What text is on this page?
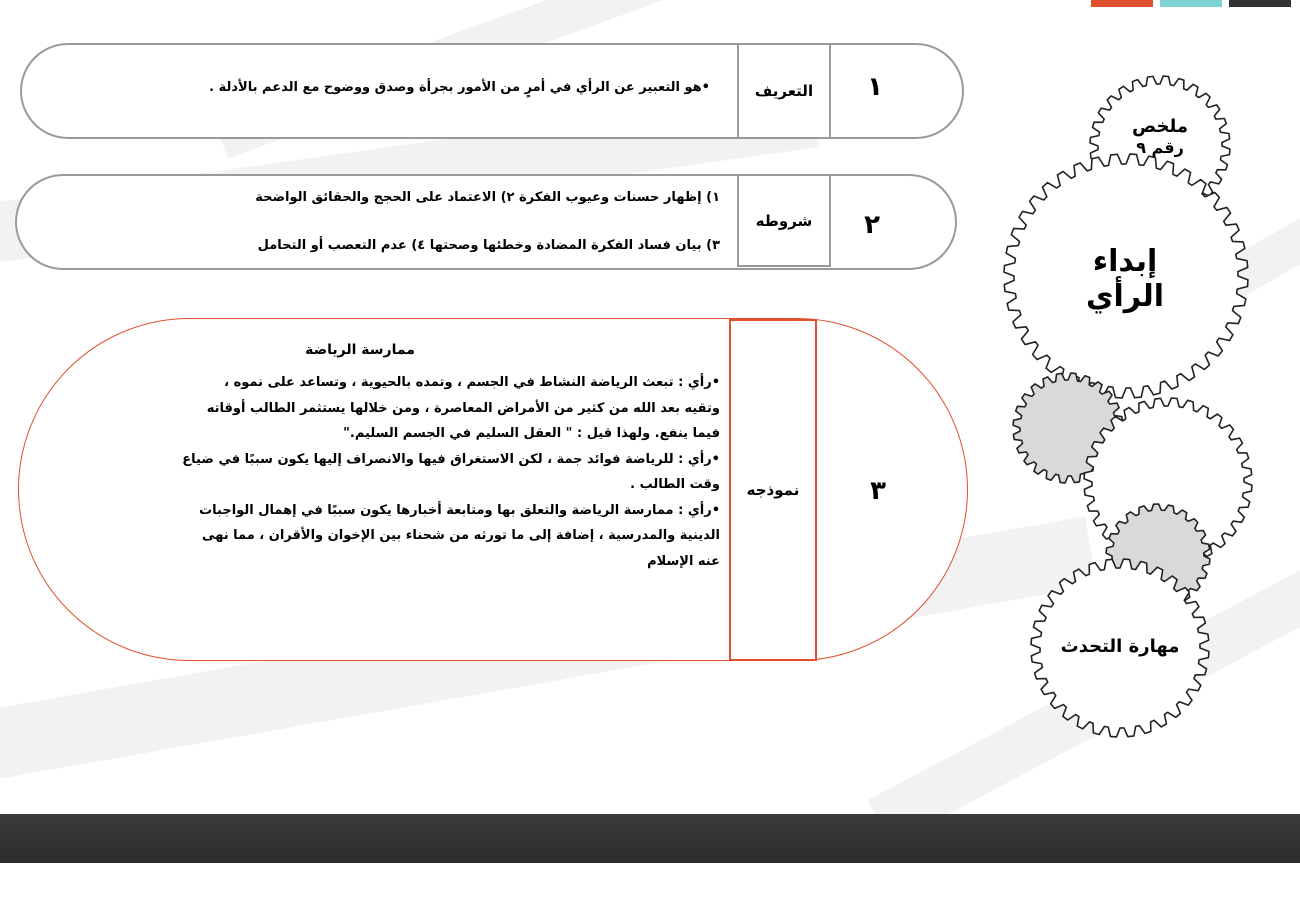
التعريف	١
•هو التعبير عن الرأي في أمرٍ من الأمور بجرأة وصدق ووضوح مع الدعم بالأدلة .
شروطه	٢
١) إظهار حسنات وعيوب الفكرة ٢) الاعتماد على الحجج والحقائق الواضحة
٣) بيان فساد الفكرة المضادة وخطئها وصحتها ٤) عدم التعصب أو التحامل
نموذجه	٣
ممارسة الرياضة
•رأي : تبعث الرياضة النشاط في الجسم ، وتمده بالحيوية ، وتساعد على نموه ،
وتقيه بعد الله من كثير من الأمراض المعاصرة ، ومن خلالها يستثمر الطالب أوقاته
فيما ينفع. ولهذا قيل : " العقل السليم في الجسم السليم."
•رأي : للرياضة فوائد جمة ، لكن الاستغراق فيها والانصراف إليها يكون سببًا في ضياع
وقت الطالب .
•رأي : ممارسة الرياضة والتعلق بها ومتابعة أخبارها يكون سببًا في إهمال الواجبات
الدينية والمدرسية ، إضافة إلى ما تورثه من شحناء بين الإخوان والأقران ، مما نهى
عنه الإسلام
ملخص
رقم ٩
إبداء الرأي
مهارة التحدث
